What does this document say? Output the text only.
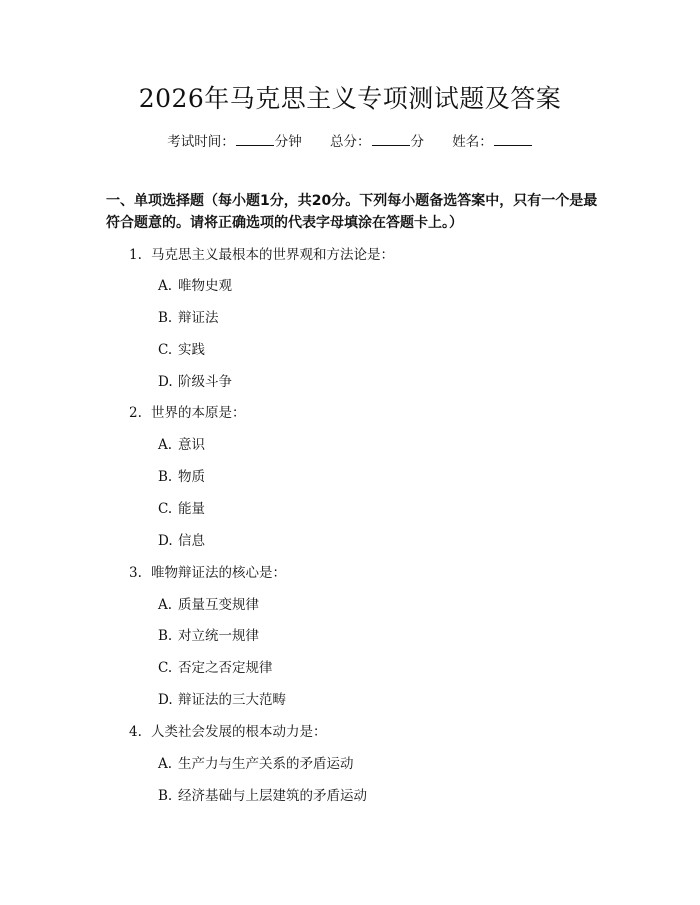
2026年马克思主义专项测试题及答案
考试时间：	分钟 总分：	分 姓名：
一、单项选择题（每小题1分，共20分。下列每小题备选答案中，只有一个是最符合题意的。请将正确选项的代表字母填涂在答题卡上。）
1. 马克思主义最根本的世界观和方法论是：
A. 唯物史观
B. 辩证法
C. 实践
D. 阶级斗争
2. 世界的本原是：
A. 意识
B. 物质
C. 能量
D. 信息
3. 唯物辩证法的核心是：
A. 质量互变规律
B. 对立统一规律
C. 否定之否定规律
D. 辩证法的三大范畴
4. 人类社会发展的根本动力是：
A. 生产力与生产关系的矛盾运动
B. 经济基础与上层建筑的矛盾运动
